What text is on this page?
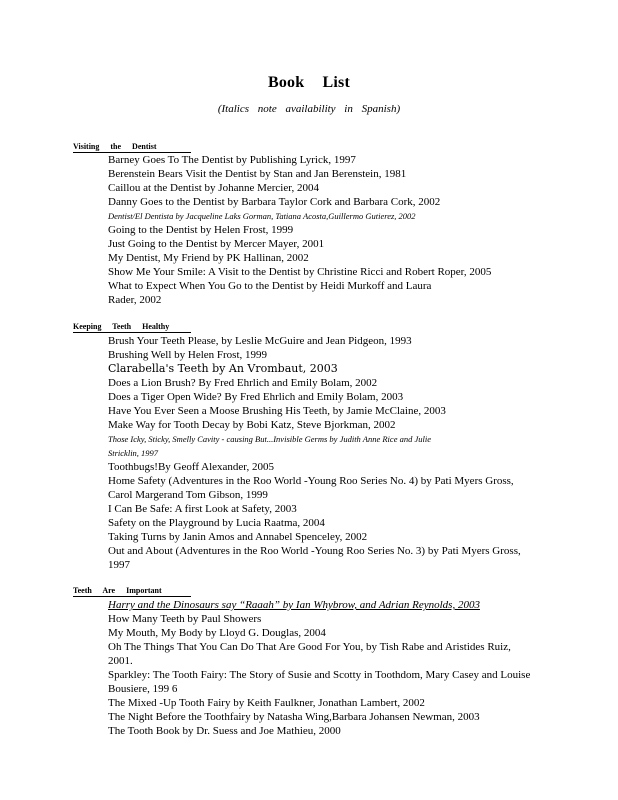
Book List
(Italics note availability in Spanish)
Visiting the Dentist
Barney Goes To The Dentist by Publishing Lyrick, 1997
Berenstein Bears Visit the Dentist by Stan and Jan Berenstein, 1981
Caillou at the Dentist by Johanne Mercier, 2004
Danny Goes to the Dentist by Barbara Taylor Cork and Barbara Cork, 2002
Dentist/El Dentista by Jacqueline Laks Gorman, Tatiana Acosta,Guillermo Gutierez, 2002
Going to the Dentist by Helen Frost, 1999
Just Going to the Dentist by Mercer Mayer, 2001
My Dentist, My Friend by PK Hallinan, 2002
Show Me Your Smile: A Visit to the Dentist by Christine Ricci and Robert Roper, 2005
What to Expect When You Go to the Dentist by Heidi Murkoff and Laura
Rader, 2002
Keeping Teeth Healthy
Brush Your Teeth Please, by Leslie McGuire and Jean Pidgeon, 1993
Brushing Well by Helen Frost, 1999
Clarabella's Teeth by An Vrombaut, 2003
Does a Lion Brush? By Fred Ehrlich and Emily Bolam, 2002
Does a Tiger Open Wide? By Fred Ehrlich and Emily Bolam, 2003
Have You Ever Seen a Moose Brushing His Teeth, by Jamie McClaine, 2003
Make Way for Tooth Decay by Bobi Katz, Steve Bjorkman, 2002
Those Icky, Sticky, Smelly Cavity - causing But...Invisible Germs by Judith Anne Rice and Julie
Stricklin, 1997
Toothbugs!By Geoff Alexander, 2005
Home Safety (Adventures in the Roo World -Young Roo Series No. 4) by Pati Myers Gross,
Carol Margerand Tom Gibson, 1999
I Can Be Safe: A first Look at Safety, 2003
Safety on the Playground by Lucia Raatma, 2004
Taking Turns by Janin Amos and Annabel Spenceley, 2002
Out and About (Adventures in the Roo World -Young Roo Series No. 3) by Pati Myers Gross,
1997
Teeth Are Important
Harry and the Dinosaurs say “Raaah” by Ian Whybrow, and Adrian Reynolds, 2003
How Many Teeth by Paul Showers
My Mouth, My Body by Lloyd G. Douglas, 2004
Oh The Things That You Can Do That Are Good For You, by Tish Rabe and Aristides Ruiz,
2001.
Sparkley: The Tooth Fairy: The Story of Susie and Scotty in Toothdom, Mary Casey and Louise
Bousiere, 199 6
The Mixed -Up Tooth Fairy by Keith Faulkner, Jonathan Lambert, 2002
The Night Before the Toothfairy by Natasha Wing,Barbara Johansen Newman, 2003
The Tooth Book by Dr. Suess and Joe Mathieu, 2000
